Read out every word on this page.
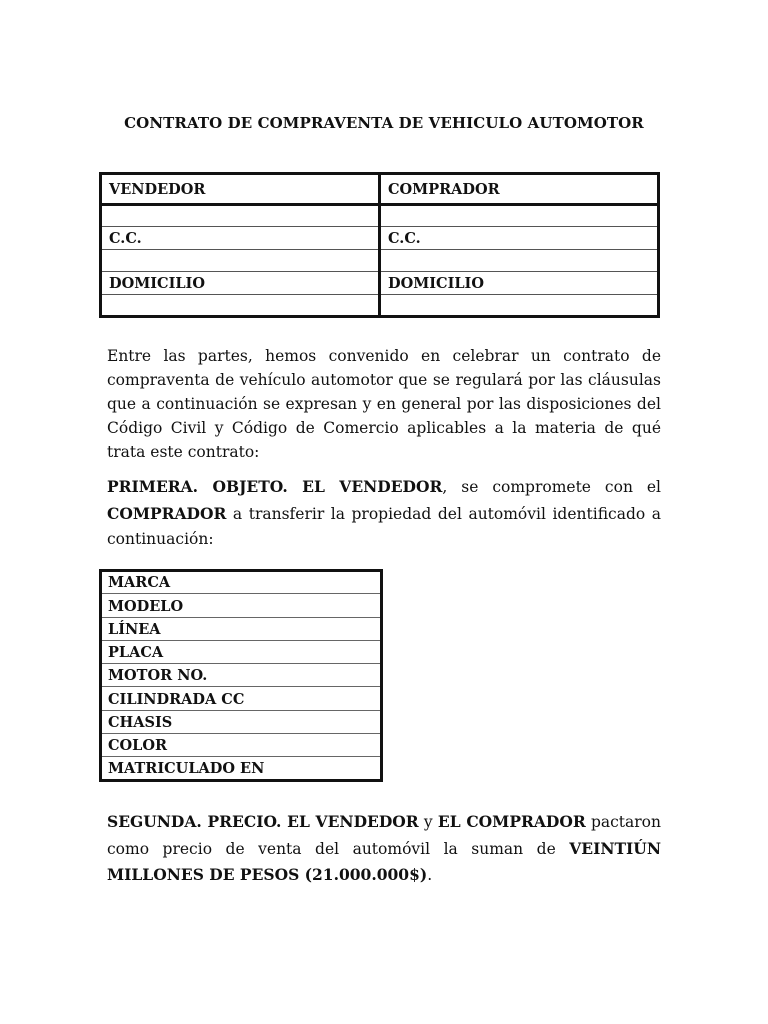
CONTRATO DE COMPRAVENTA DE VEHICULO AUTOMOTOR
VENDEDOR	COMPRADOR

C.C.	C.C.

DOMICILIO	DOMICILIO

Entre las partes, hemos convenido en celebrar un contrato de compraventa de vehículo automotor que se regulará por las cláusulas que a continuación se expresan y en general por las disposiciones del Código Civil y Código de Comercio aplicables a la materia de qué trata este contrato:
PRIMERA. OBJETO. EL VENDEDOR, se compromete con el COMPRADOR a transferir la propiedad del automóvil identificado a continuación:
MARCA
MODELO
LÍNEA
PLACA
MOTOR NO.
CILINDRADA CC
CHASIS
COLOR
MATRICULADO EN
SEGUNDA. PRECIO. EL VENDEDOR y EL COMPRADOR pactaron como precio de venta del automóvil la suman de VEINTIÚN MILLONES DE PESOS (21.000.000$).
